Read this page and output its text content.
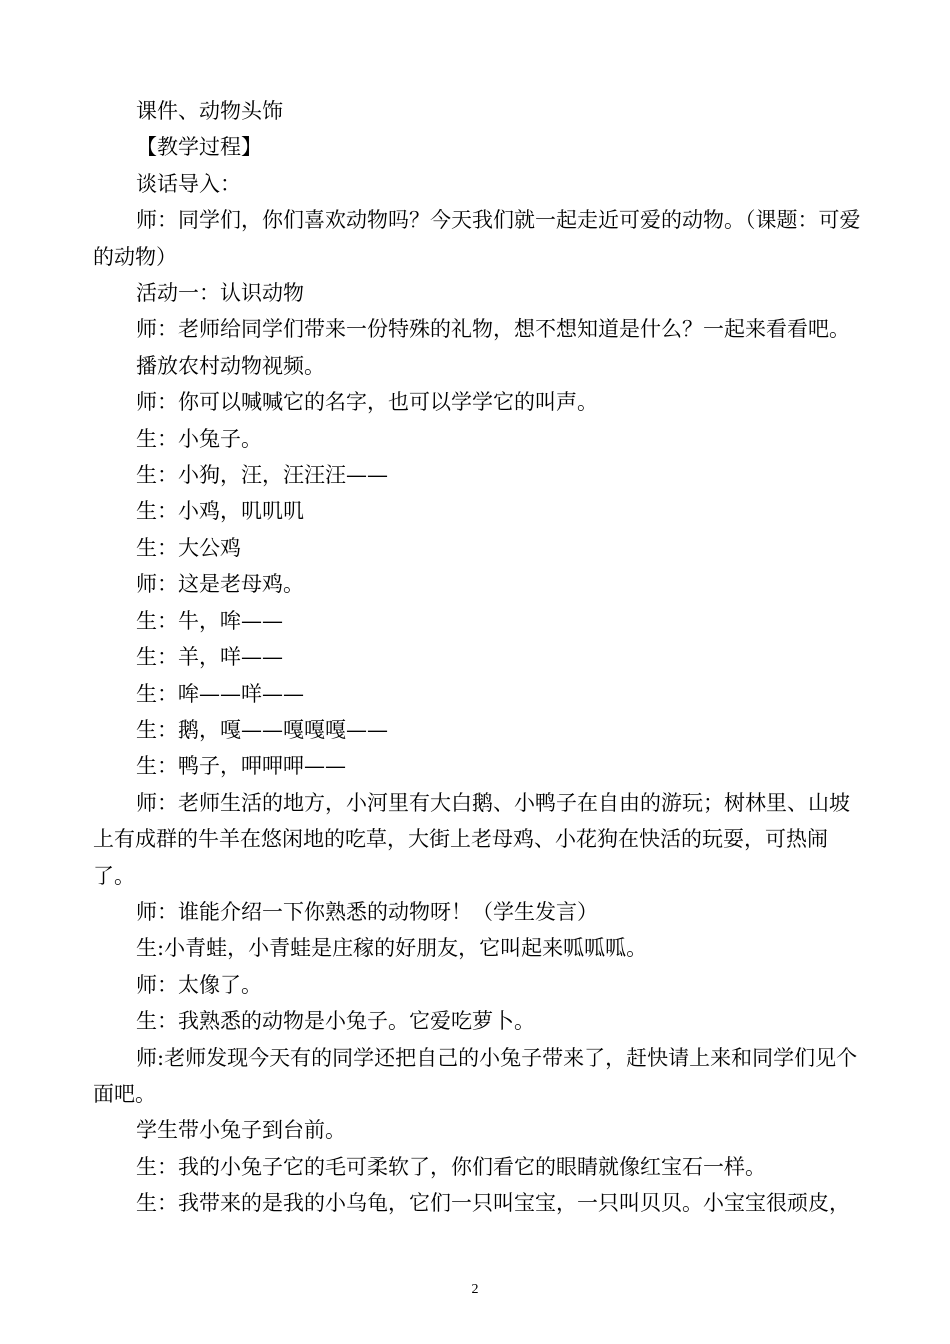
课件、动物头饰

【教学过程】

谈话导入：

师：同学们，你们喜欢动物吗？今天我们就一起走近可爱的动物。（课题：可爱的动物）

活动一：认识动物

师：老师给同学们带来一份特殊的礼物，想不想知道是什么？一起来看看吧。

播放农村动物视频。

师：你可以喊喊它的名字，也可以学学它的叫声。

生：小兔子。

生：小狗，汪，汪汪汪——

生：小鸡，叽叽叽

生：大公鸡

师：这是老母鸡。

生：牛，哞——

生：羊，咩——

生：哞——咩——

生：鹅，嘎——嘎嘎嘎——

生：鸭子，呷呷呷——

师：老师生活的地方，小河里有大白鹅、小鸭子在自由的游玩；树林里、山坡上有成群的牛羊在悠闲地的吃草，大街上老母鸡、小花狗在快活的玩耍，可热闹了。

师：谁能介绍一下你熟悉的动物呀！（学生发言）

生:小青蛙，小青蛙是庄稼的好朋友，它叫起来呱呱呱。

师：太像了。

生：我熟悉的动物是小兔子。它爱吃萝卜。

师:老师发现今天有的同学还把自己的小兔子带来了，赶快请上来和同学们见个面吧。

学生带小兔子到台前。

生：我的小兔子它的毛可柔软了，你们看它的眼睛就像红宝石一样。

生：我带来的是我的小乌龟，它们一只叫宝宝，一只叫贝贝。小宝宝很顽皮，

2
